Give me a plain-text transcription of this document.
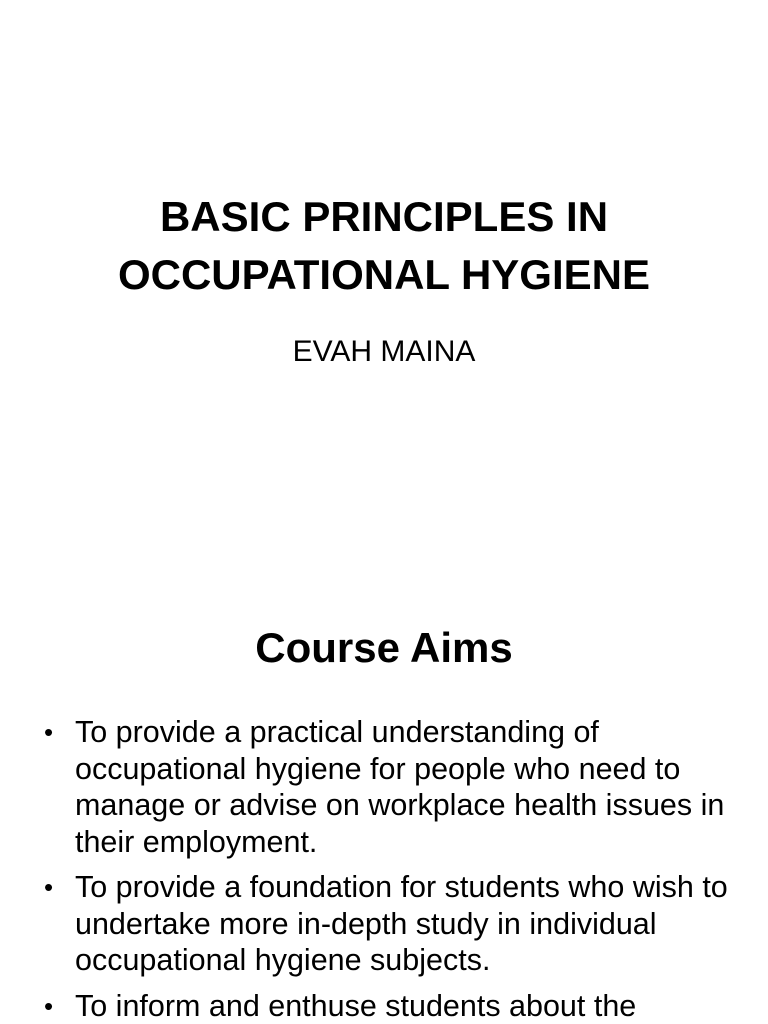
BASIC PRINCIPLES IN
OCCUPATIONAL HYGIENE

EVAH MAINA

Course Aims
• To provide a practical understanding of occupational hygiene for people who need to manage or advise on workplace health issues in their employment.
• To provide a foundation for students who wish to undertake more in-depth study in individual occupational hygiene subjects.
• To inform and enthuse students about the
